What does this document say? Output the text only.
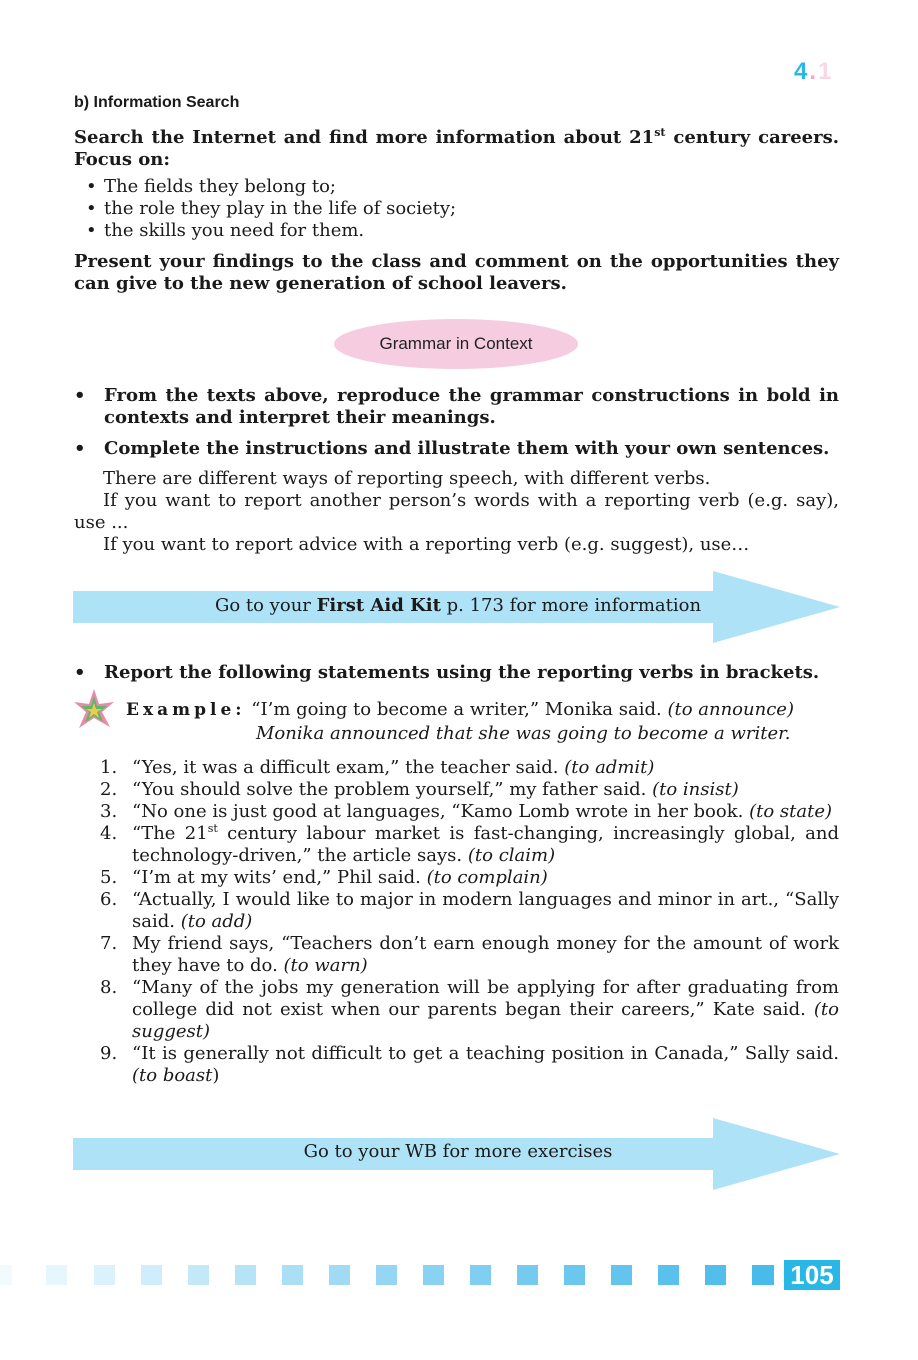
4.1
b) Information Search

Search the Internet and find more information about 21st century careers. Focus on:

• The fields they belong to;
• the role they play in the life of society;
• the skills you need for them.

Present your findings to the class and comment on the opportunities they can give to the new generation of school leavers.

Grammar in Context
• From the texts above, reproduce the grammar constructions in bold in contexts and interpret their meanings.
• Complete the instructions and illustrate them with your own sentences.

There are different ways of reporting speech, with different verbs.

If you want to report another person’s words with a reporting verb (e.g. say), use ...

If you want to report advice with a reporting verb (e.g. suggest), use…

Go to your First Aid Kit p. 173 for more information
• Report the following statements using the reporting verbs in brackets.
Example: “I’m going to become a writer,” Monika said. (to announce)
Monika announced that she was going to become a writer.
1. “Yes, it was a difficult exam,” the teacher said. (to admit)
2. “You should solve the problem yourself,” my father said. (to insist)
3. “No one is just good at languages, “Kamo Lomb wrote in her book. (to state)
4. “The 21st century labour market is fast-changing, increasingly global, and technology-driven,” the article says. (to claim)
5. “I’m at my wits’ end,” Phil said. (to complain)
6. “Actually, I would like to major in modern languages and minor in art., “Sally said. (to add)
7. My friend says, “Teachers don’t earn enough money for the amount of work they have to do. (to warn)
8. “Many of the jobs my generation will be applying for after graduating from college did not exist when our parents began their careers,” Kate said. (to suggest)
9. “It is generally not difficult to get a teaching position in Canada,” Sally said. (to boast)
Go to your WB for more exercises
105
